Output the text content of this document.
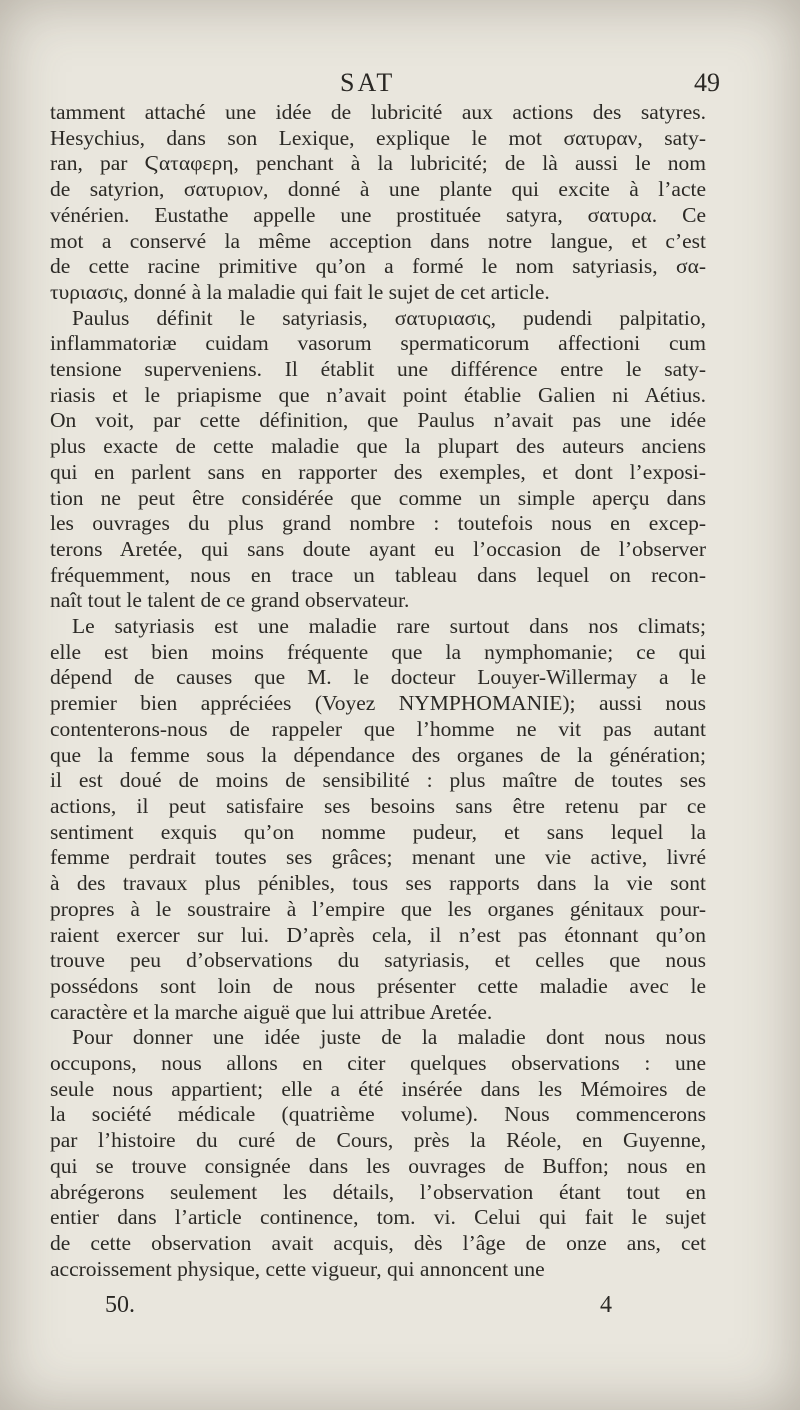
SAT	49
tamment attaché une idée de lubricité aux actions des satyres.
Hesychius, dans son Lexique, explique le mot σατυραν, saty-
ran, par Ϛαταφερη, penchant à la lubricité; de là aussi le nom
de satyrion, σατυριον, donné à une plante qui excite à l’acte
vénérien. Eustathe appelle une prostituée satyra, σατυρα. Ce
mot a conservé la même acception dans notre langue, et c’est
de cette racine primitive qu’on a formé le nom satyriasis, σα-
τυριασις, donné à la maladie qui fait le sujet de cet article.
Paulus définit le satyriasis, σατυριασις, pudendi palpitatio,
inflammatoriæ cuidam vasorum spermaticorum affectioni cum
tensione superveniens. Il établit une différence entre le saty-
riasis et le priapisme que n’avait point établie Galien ni Aétius.
On voit, par cette définition, que Paulus n’avait pas une idée
plus exacte de cette maladie que la plupart des auteurs anciens
qui en parlent sans en rapporter des exemples, et dont l’exposi-
tion ne peut être considérée que comme un simple aperçu dans
les ouvrages du plus grand nombre : toutefois nous en excep-
terons Aretée, qui sans doute ayant eu l’occasion de l’observer
fréquemment, nous en trace un tableau dans lequel on recon-
naît tout le talent de ce grand observateur.
Le satyriasis est une maladie rare surtout dans nos climats;
elle est bien moins fréquente que la nymphomanie; ce qui
dépend de causes que M. le docteur Louyer-Willermay a le
premier bien appréciées (Voyez NYMPHOMANIE); aussi nous
contenterons-nous de rappeler que l’homme ne vit pas autant
que la femme sous la dépendance des organes de la génération;
il est doué de moins de sensibilité : plus maître de toutes ses
actions, il peut satisfaire ses besoins sans être retenu par ce
sentiment exquis qu’on nomme pudeur, et sans lequel la
femme perdrait toutes ses grâces; menant une vie active, livré
à des travaux plus pénibles, tous ses rapports dans la vie sont
propres à le soustraire à l’empire que les organes génitaux pour-
raient exercer sur lui. D’après cela, il n’est pas étonnant qu’on
trouve peu d’observations du satyriasis, et celles que nous
possédons sont loin de nous présenter cette maladie avec le
caractère et la marche aiguë que lui attribue Aretée.
Pour donner une idée juste de la maladie dont nous nous
occupons, nous allons en citer quelques observations : une
seule nous appartient; elle a été insérée dans les Mémoires de
la société médicale (quatrième volume). Nous commencerons
par l’histoire du curé de Cours, près la Réole, en Guyenne,
qui se trouve consignée dans les ouvrages de Buffon; nous en
abrégerons seulement les détails, l’observation étant tout en
entier dans l’article continence, tom. vi. Celui qui fait le sujet
de cette observation avait acquis, dès l’âge de onze ans, cet
accroissement physique, cette vigueur, qui annoncent une
50.	4
